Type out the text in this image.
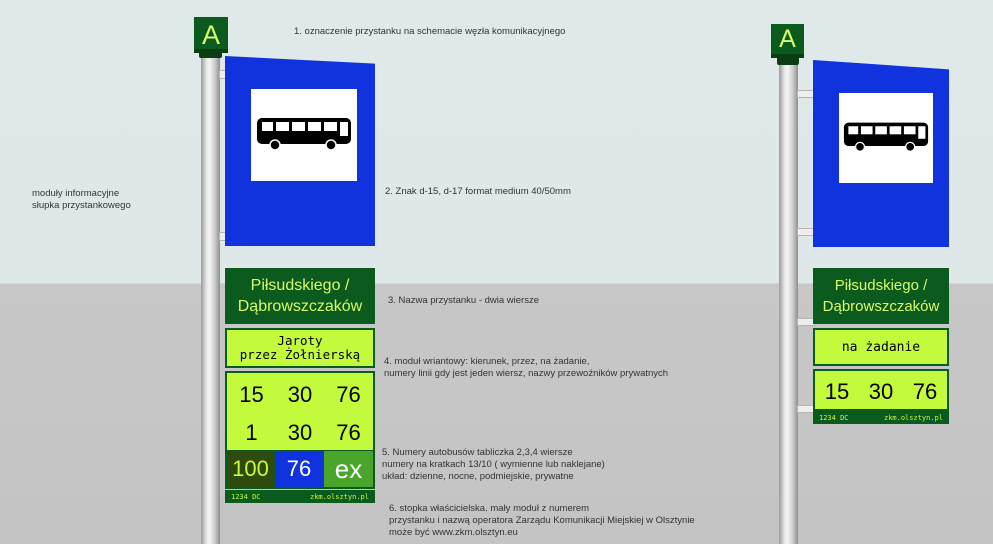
moduły informacyjne
słupka przystankowego
A
Piłsudskiego /
Dąbrowszczaków
Jaroty
przez Żołnierską
15	30	76
1	30	76
100 76 ex
1234 DC	zkm.olsztyn.pl
1. oznaczenie przystanku na schemacie węzła komunikacyjnego
2. Znak d-15, d-17 format medium 40/50mm
3. Nazwa przystanku - dwia wiersze
4. moduł wriantowy: kierunek, przez, na żadanie,
numery linii gdy jest jeden wiersz, nazwy przewoźników prywatnych
5. Numery autobusów tabliczka 2,3,4 wiersze
numery na kratkach 13/10 ( wymienne lub naklejane)
układ: dzienne, nocne, podmiejskie, prywatne
6. stopka właścicielska. mały moduł z numerem
przystanku i nazwą operatora Zarządu Komunikacji Miejskiej w Olsztynie
może być www.zkm.olsztyn.eu
A
Piłsudskiego /
Dąbrowszczaków
na żadanie
15 30 76
1234 DC	zkm.olsztyn.pl
